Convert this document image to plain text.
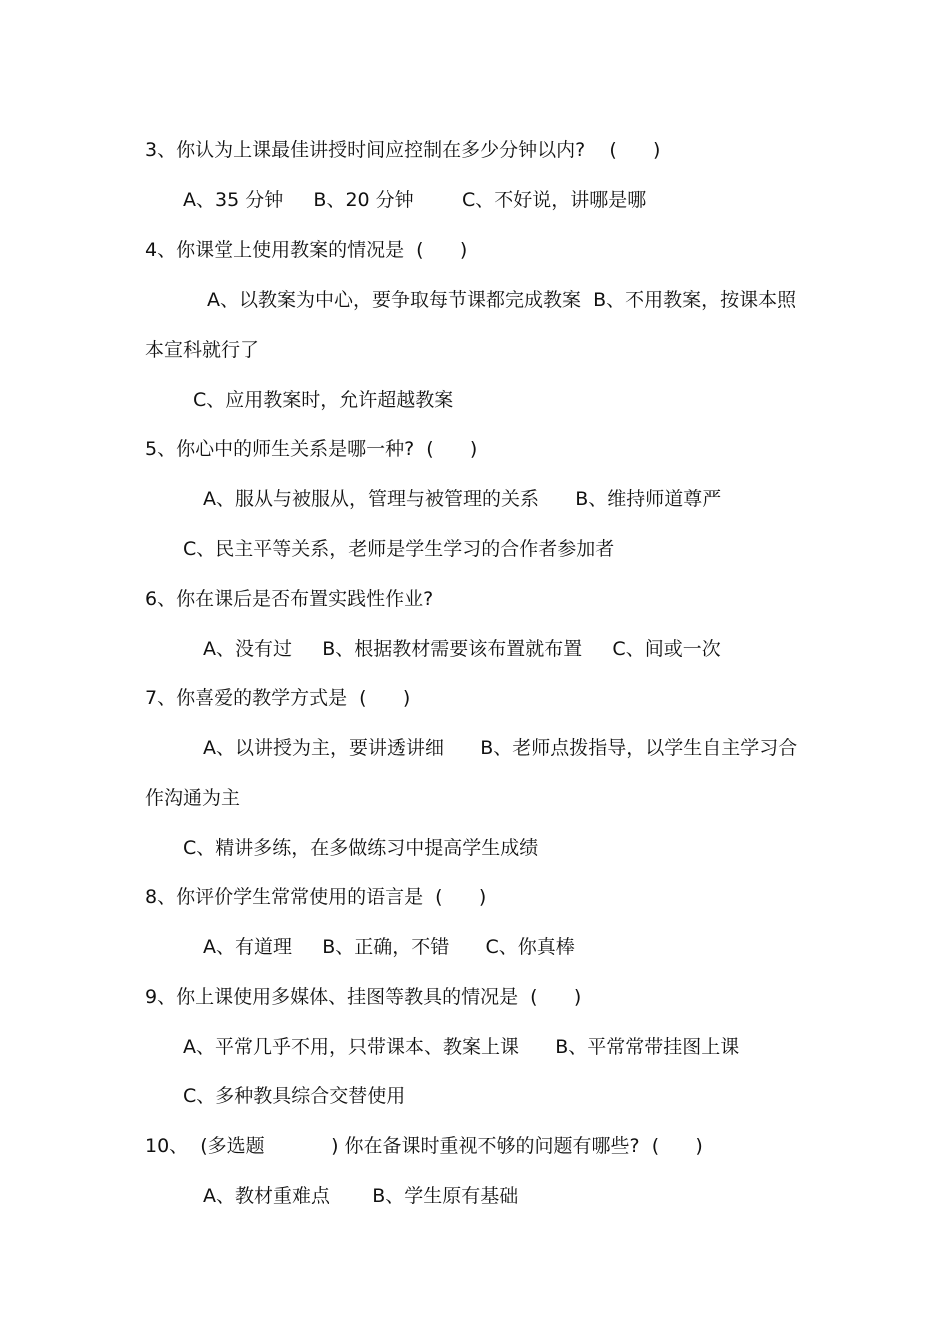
3、你认为上课最佳讲授时间应控制在多少分钟以内?    (      )
A、35 分钟     B、20 分钟        C、不好说，讲哪是哪
4、你课堂上使用教案的情况是  (      )
A、以教案为中心，要争取每节课都完成教案  B、不用教案，按课本照
本宣科就行了
C、应用教案时，允许超越教案
5、你心中的师生关系是哪一种?  (      )
A、服从与被服从，管理与被管理的关系      B、维持师道尊严
C、民主平等关系，老师是学生学习的合作者参加者
6、你在课后是否布置实践性作业?
A、没有过     B、根据教材需要该布置就布置     C、间或一次
7、你喜爱的教学方式是  (      )
A、以讲授为主，要讲透讲细      B、老师点拨指导，以学生自主学习合
作沟通为主
C、精讲多练，在多做练习中提高学生成绩
8、你评价学生常常使用的语言是  (      )
A、有道理     B、正确，不错      C、你真棒
9、你上课使用多媒体、挂图等教具的情况是  (      )
A、平常几乎不用，只带课本、教案上课      B、平常常带挂图上课
C、多种教具综合交替使用
10、  (多选题           ) 你在备课时重视不够的问题有哪些?  (      )
A、教材重难点       B、学生原有基础
